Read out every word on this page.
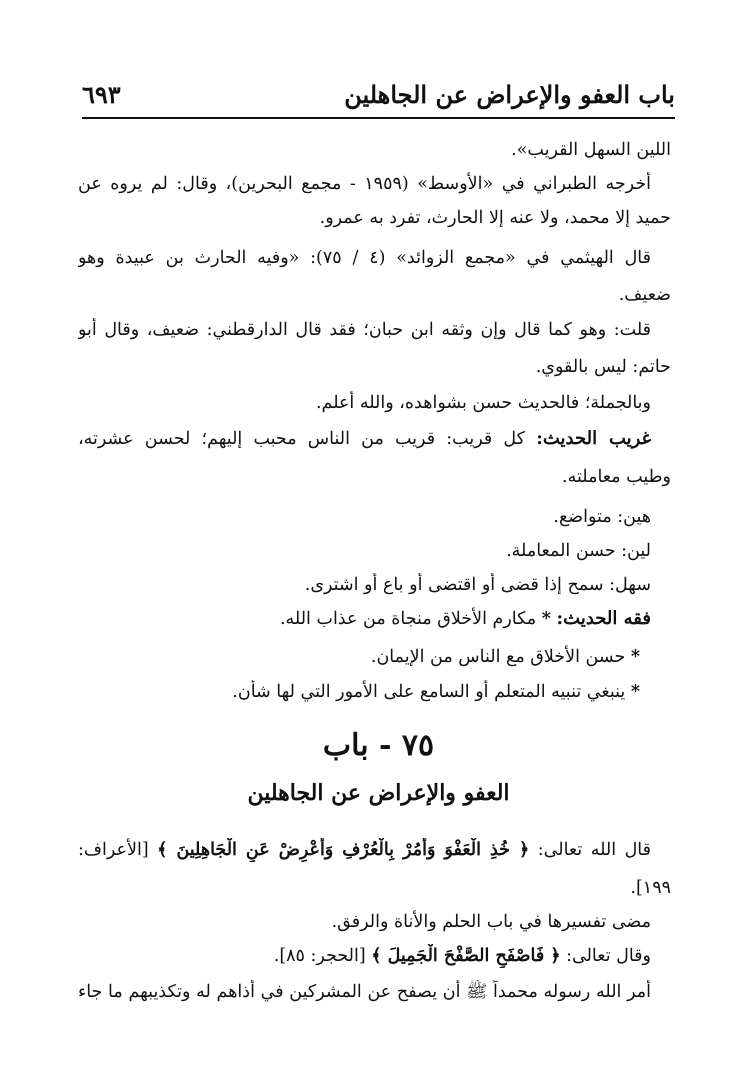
باب العفو والإعراض عن الجاهلين
٦٩٣
اللين السهل القريب».
أخرجه الطبراني في «الأوسط» (١٩٥٩ - مجمع البحرين)، وقال: لم يروه عن
حميد إلا محمد، ولا عنه إلا الحارث، تفرد به عمرو.
قال الهيثمي في «مجمع الزوائد» (٤ / ٧٥): «وفيه الحارث بن عبيدة وهو
ضعيف.
قلت: وهو كما قال وإن وثقه ابن حبان؛ فقد قال الدارقطني: ضعيف، وقال أبو
حاتم: ليس بالقوي.
وبالجملة؛ فالحديث حسن بشواهده، والله أعلم.
غريب الحديث: كل قريب: قريب من الناس محبب إليهم؛ لحسن عشرته،
وطيب معاملته.
هين: متواضع.
لين: حسن المعاملة.
سهل: سمح إذا قضى أو اقتضى أو باع أو اشترى.
فقه الحديث: * مكارم الأخلاق منجاة من عذاب الله.
* حسن الأخلاق مع الناس من الإيمان.
* ينبغي تنبيه المتعلم أو السامع على الأمور التي لها شأن.
٧٥ - باب
العفو والإعراض عن الجاهلين
قال الله تعالى: ﴿ خُذِ الْعَفْوَ وَأْمُرْ بِالْعُرْفِ وَأَعْرِضْ عَنِ الْجَاهِلِينَ ﴾ [الأعراف:
١٩٩].
مضى تفسيرها في باب الحلم والأناة والرفق.
وقال تعالى: ﴿ فَاصْفَحِ الصَّفْحَ الْجَمِيلَ ﴾ [الحجر: ٨٥].
أمر الله رسوله محمداً ﷺ أن يصفح عن المشركين في أذاهم له وتكذيبهم ما جاء
